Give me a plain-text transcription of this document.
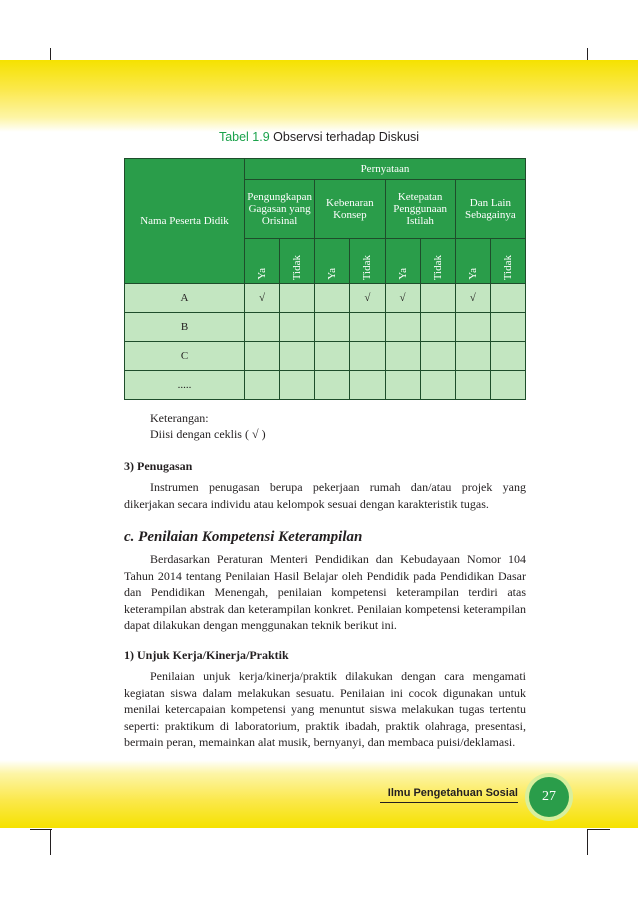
Tabel 1.9 Observsi terhadap Diskusi
Nama Peserta Didik	Pernyataan							
	Pengungkapan Gagasan yang Orisinal		Kebenaran Konsep		Ketepatan Penggunaan Istilah		Dan Lain Sebagainya	
	Ya	Tidak	Ya	Tidak	Ya	Tidak	Ya	Tidak
A	√			√	√		√	
B								
C								
.....								
Keterangan:
Diisi dengan ceklis ( √ )
3) Penugasan
Instrumen penugasan berupa pekerjaan rumah dan/atau projek yang dikerjakan secara individu atau kelompok sesuai dengan karakteristik tugas.
c. Penilaian Kompetensi Keterampilan
Berdasarkan Peraturan Menteri Pendidikan dan Kebudayaan Nomor 104 Tahun 2014 tentang Penilaian Hasil Belajar oleh Pendidik pada Pendidikan Dasar dan Pendidikan Menengah, penilaian kompetensi keterampilan terdiri atas keterampilan abstrak dan keterampilan konkret. Penilaian kompetensi keterampilan dapat dilakukan dengan menggunakan teknik berikut ini.
1) Unjuk Kerja/Kinerja/Praktik
Penilaian unjuk kerja/kinerja/praktik dilakukan dengan cara mengamati kegiatan siswa dalam melakukan sesuatu. Penilaian ini cocok digunakan untuk menilai ketercapaian kompetensi yang menuntut siswa melakukan tugas tertentu seperti: praktikum di laboratorium, praktik ibadah, praktik olahraga, presentasi, bermain peran, memainkan alat musik, bernyanyi, dan membaca puisi/deklamasi.
Ilmu Pengetahuan Sosial	27
